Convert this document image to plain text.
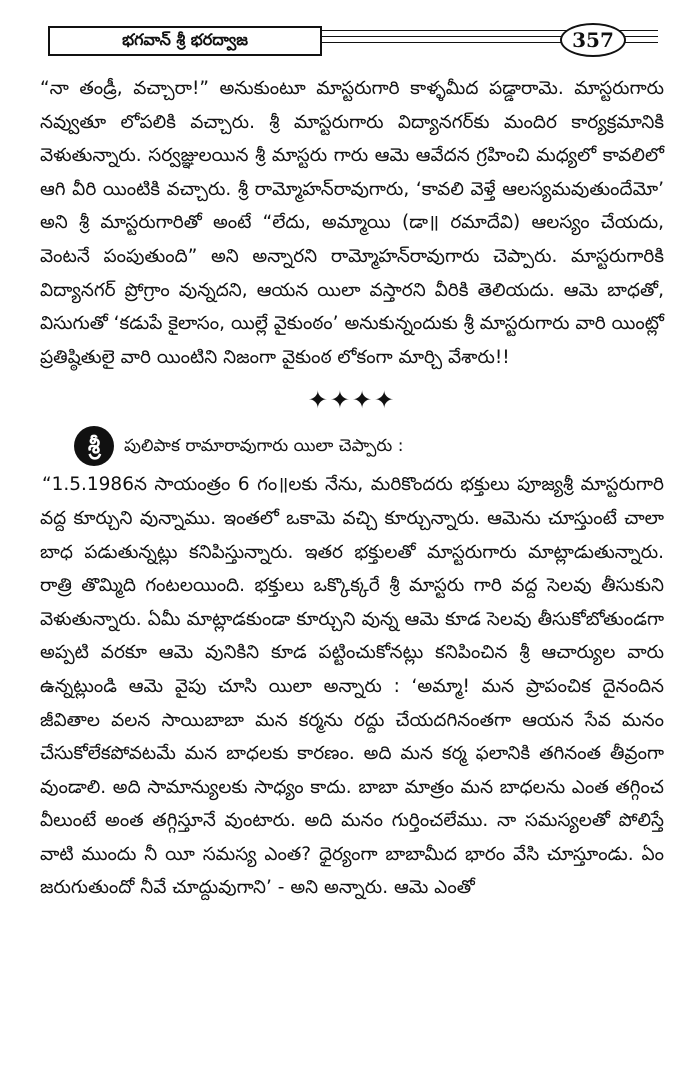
భగవాన్ శ్రీ భరద్వాజ	357

“నా తండ్రీ, వచ్చారా!” అనుకుంటూ మాస్టరుగారి కాళ్ళమీద పడ్డారామె. మాస్టరుగారు నవ్వుతూ లోపలికి వచ్చారు. శ్రీ మాస్టరుగారు విద్యానగర్‌కు మందిర కార్యక్రమానికి వెళుతున్నారు. సర్వజ్ఞులయిన శ్రీ మాస్టరు గారు ఆమె ఆవేదన గ్రహించి మధ్యలో కావలిలో ఆగి వీరి యింటికి వచ్చారు. శ్రీ రామ్మోహన్‌రావుగారు, ‘కావలి వెళ్తే ఆలస్యమవుతుందేమో’ అని శ్రీ మాస్టరుగారితో అంటే “లేదు, అమ్మాయి (డా॥ రమాదేవి) ఆలస్యం చేయదు, వెంటనే పంపుతుంది” అని అన్నారని రామ్మోహన్‌రావుగారు చెప్పారు. మాస్టరుగారికి విద్యానగర్ ప్రోగ్రాం వున్నదని, ఆయన యిలా వస్తారని వీరికి తెలియదు. ఆమె బాధతో, విసుగుతో ‘కడుపే కైలాసం, యిల్లే వైకుంఠం’ అనుకున్నందుకు శ్రీ మాస్టరుగారు వారి యింట్లో ప్రతిష్ఠితులై వారి యింటిని నిజంగా వైకుంఠ లోకంగా మార్చి వేశారు!!

✦✦✦✦
శ్రీ	పులిపాక రామారావుగారు యిలా చెప్పారు :

“1.5.1986న సాయంత్రం 6 గం॥లకు నేను, మరికొందరు భక్తులు పూజ్యశ్రీ మాస్టరుగారి వద్ద కూర్చుని వున్నాము. ఇంతలో ఒకామె వచ్చి కూర్చున్నారు. ఆమెను చూస్తుంటే చాలా బాధ పడుతున్నట్లు కనిపిస్తున్నారు. ఇతర భక్తులతో మాస్టరుగారు మాట్లాడుతున్నారు. రాత్రి తొమ్మిది గంటలయింది. భక్తులు ఒక్కొక్కరే శ్రీ మాస్టరు గారి వద్ద సెలవు తీసుకుని వెళుతున్నారు. ఏమీ మాట్లాడకుండా కూర్చుని వున్న ఆమె కూడ సెలవు తీసుకోబోతుండగా అప్పటి వరకూ ఆమె వునికిని కూడ పట్టించుకోనట్లు కనిపించిన శ్రీ ఆచార్యుల వారు ఉన్నట్లుండి ఆమె వైపు చూసి యిలా అన్నారు : ‘అమ్మా! మన ప్రాపంచిక దైనందిన జీవితాల వలన సాయిబాబా మన కర్మను రద్దు చేయదగినంతగా ఆయన సేవ మనం చేసుకోలేకపోవటమే మన బాధలకు కారణం. అది మన కర్మ ఫలానికి తగినంత తీవ్రంగా వుండాలి. అది సామాన్యులకు సాధ్యం కాదు. బాబా మాత్రం మన బాధలను ఎంత తగ్గించ వీలుంటే అంత తగ్గిస్తూనే వుంటారు. అది మనం గుర్తించలేము. నా సమస్యలతో పోలిస్తే వాటి ముందు నీ యీ సమస్య ఎంత? ధైర్యంగా బాబామీద భారం వేసి చూస్తూండు. ఏం జరుగుతుందో నీవే చూద్దువుగాని’ - అని అన్నారు. ఆమె ఎంతో
